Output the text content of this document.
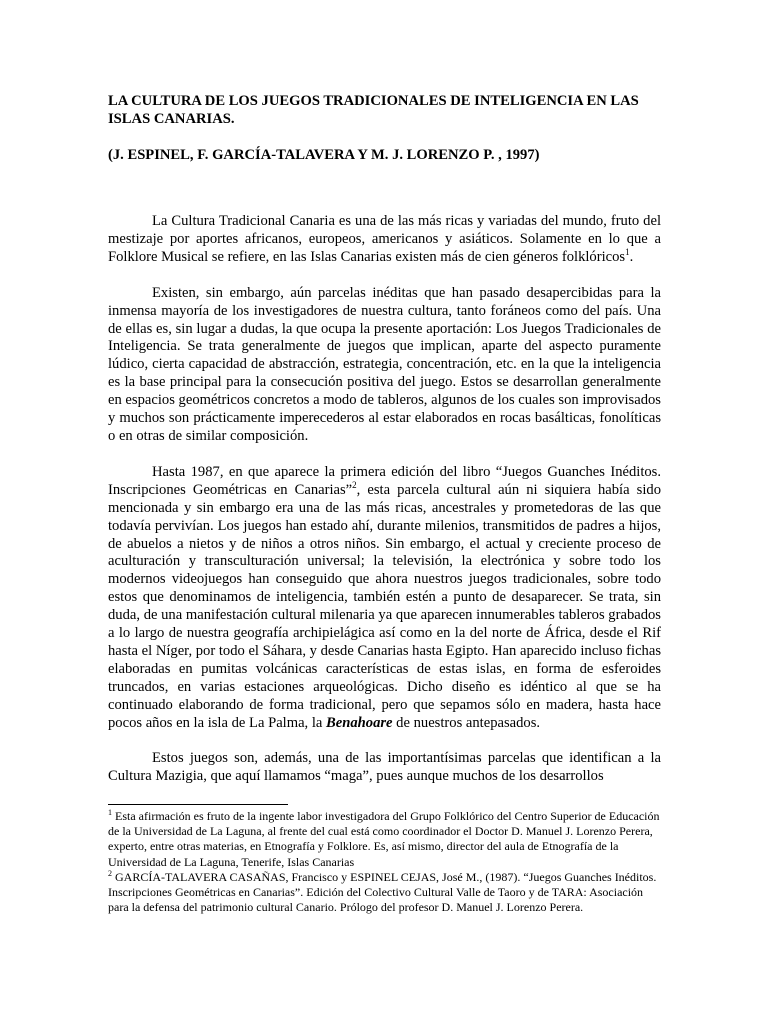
LA CULTURA DE LOS JUEGOS TRADICIONALES DE INTELIGENCIA EN LAS ISLAS CANARIAS.

(J. ESPINEL, F. GARCÍA-TALAVERA Y M. J. LORENZO P. , 1997)

La Cultura Tradicional Canaria es una de las más ricas y variadas del mundo, fruto del mestizaje por aportes africanos, europeos, americanos y asiáticos. Solamente en lo que a Folklore Musical se refiere, en las Islas Canarias existen más de cien géneros folklóricos$^1$.

Existen, sin embargo, aún parcelas inéditas que han pasado desapercibidas para la inmensa mayoría de los investigadores de nuestra cultura, tanto foráneos como del país. Una de ellas es, sin lugar a dudas, la que ocupa la presente aportación: Los Juegos Tradicionales de Inteligencia. Se trata generalmente de juegos que implican, aparte del aspecto puramente lúdico, cierta capacidad de abstracción, estrategia, concentración, etc. en la que la inteligencia es la base principal para la consecución positiva del juego. Estos se desarrollan generalmente en espacios geométricos concretos a modo de tableros, algunos de los cuales son improvisados y muchos son prácticamente imperecederos al estar elaborados en rocas basálticas, fonolíticas o en otras de similar composición.

Hasta 1987, en que aparece la primera edición del libro “Juegos Guanches Inéditos. Inscripciones Geométricas en Canarias”$^2$, esta parcela cultural aún ni siquiera había sido mencionada y sin embargo era una de las más ricas, ancestrales y prometedoras de las que todavía pervivían. Los juegos han estado ahí, durante milenios, transmitidos de padres a hijos, de abuelos a nietos y de niños a otros niños. Sin embargo, el actual y creciente proceso de aculturación y transculturación universal; la televisión, la electrónica y sobre todo los modernos videojuegos han conseguido que ahora nuestros juegos tradicionales, sobre todo estos que denominamos de inteligencia, también estén a punto de desaparecer. Se trata, sin duda, de una manifestación cultural milenaria ya que aparecen innumerables tableros grabados a lo largo de nuestra geografía archipielágica así como en la del norte de África, desde el Rif hasta el Níger, por todo el Sáhara, y desde Canarias hasta Egipto. Han aparecido incluso fichas elaboradas en pumitas volcánicas características de estas islas, en forma de esferoides truncados, en varias estaciones arqueológicas. Dicho diseño es idéntico al que se ha continuado elaborando de forma tradicional, pero que sepamos sólo en madera, hasta hace pocos años en la isla de La Palma, la Benahoare de nuestros antepasados.

Estos juegos son, además, una de las importantísimas parcelas que identifican a la Cultura Mazigia, que aquí llamamos “maga”, pues aunque muchos de los desarrollos

$^1$ Esta afirmación es fruto de la ingente labor investigadora del Grupo Folklórico del Centro Superior de Educación de la Universidad de La Laguna, al frente del cual está como coordinador el Doctor D. Manuel J. Lorenzo Perera, experto, entre otras materias, en Etnografía y Folklore. Es, así mismo, director del aula de Etnografía de la Universidad de La Laguna, Tenerife, Islas Canarias

$^2$ GARCÍA-TALAVERA CASAÑAS, Francisco y ESPINEL CEJAS, José M., (1987). “Juegos Guanches Inéditos. Inscripciones Geométricas en Canarias”. Edición del Colectivo Cultural Valle de Taoro y de TARA: Asociación para la defensa del patrimonio cultural Canario. Prólogo del profesor D. Manuel J. Lorenzo Perera.
